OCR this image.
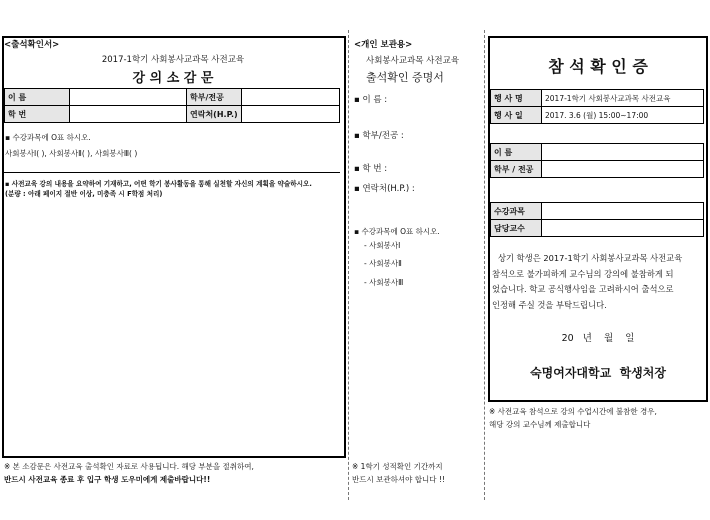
<출석확인서>
2017-1학기 사회봉사교과목 사전교육
강 의 소 감 문
이 름		학부/전공	
학 번		연락처(H.P.)	
▪ 수강과목에 O표 하시오.
사회봉사Ⅰ( ), 사회봉사Ⅱ( ), 사회봉사Ⅲ( )
▪ 사전교육 강의 내용을 요약하여 기재하고, 어떤 학기 봉사활동을 통해 실천할 자신의 계획을 약술하시오.
(분량 : 아래 페이지 절반 이상, 미충족 시 F학점 처리)
※ 본 소감문은 사전교육 출석확인 자료로 사용됩니다. 해당 부분을 절취하여,
반드시 사전교육 종료 후 입구 학생 도우미에게 제출바랍니다!!
<개인 보관용>
사회봉사교과목 사전교육
출석확인 증명서
▪ 이 름 :
▪ 학부/전공 :
▪ 학 번 :
▪ 연락처(H.P.) :
▪ 수강과목에 O표 하시오.
- 사회봉사Ⅰ
- 사회봉사Ⅱ
- 사회봉사Ⅲ
※ 1학기 성적확인 기간까지
반드시 보관하셔야 합니다 !!
참 석 확 인 증
행 사 명	2017-1학기 사회봉사교과목 사전교육
행 사 일	2017. 3.6 (월) 15:00~17:00
이 름	
학부 / 전공	
수강과목	
담당교수	
상기 학생은 2017-1학기 사회봉사교과목 사전교육
참석으로 불가피하게 교수님의 강의에 불참하게 되
었습니다. 학교 공식행사임을 고려하시어 출석으로
인정해 주실 것을 부탁드립니다.
20   년    월    일
숙명여자대학교  학생처장
※ 사전교육 참석으로 강의 수업시간에 불참한 경우,
해당 강의 교수님께 제출합니다
